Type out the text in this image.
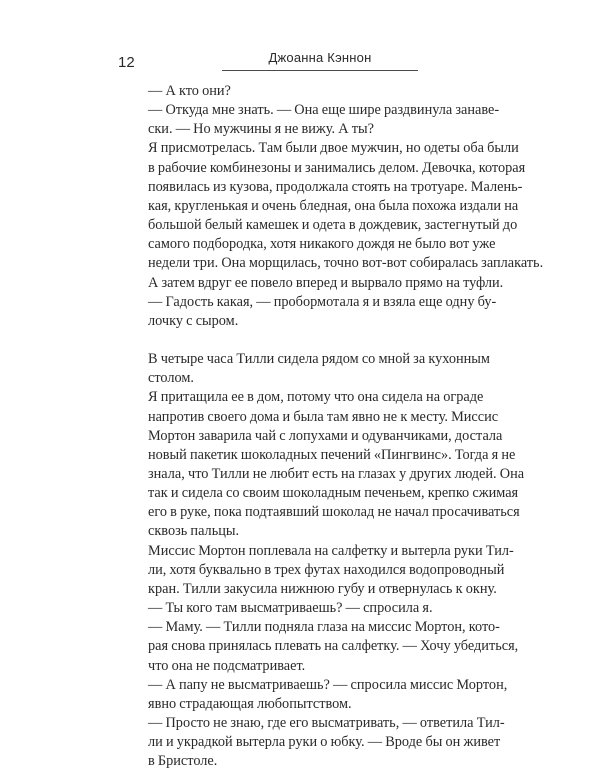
12	Джоанна Кэннон

— А кто они?

— Откуда мне знать. — Она еще шире раздвинула занаве-
ски. — Но мужчины я не вижу. А ты?

Я присмотрелась. Там были двое мужчин, но одеты оба были
в рабочие комбинезоны и занимались делом. Девочка, которая
появилась из кузова, продолжала стоять на тротуаре. Малень-
кая, кругленькая и очень бледная, она была похожа издали на
большой белый камешек и одета в дождевик, застегнутый до
самого подбородка, хотя никакого дождя не было вот уже
недели три. Она морщилась, точно вот-вот собиралась заплакать.
А затем вдруг ее повело вперед и вырвало прямо на туфли.

— Гадость какая, — пробормотала я и взяла еще одну бу-
лочку с сыром.

В четыре часа Тилли сидела рядом со мной за кухонным
столом.

Я притащила ее в дом, потому что она сидела на ограде
напротив своего дома и была там явно не к месту. Миссис
Мортон заварила чай с лопухами и одуванчиками, достала
новый пакетик шоколадных печений «Пингвинс». Тогда я не
знала, что Тилли не любит есть на глазах у других людей. Она
так и сидела со своим шоколадным печеньем, крепко сжимая
его в руке, пока подтаявший шоколад не начал просачиваться
сквозь пальцы.

Миссис Мортон поплевала на салфетку и вытерла руки Тил-
ли, хотя буквально в трех футах находился водопроводный
кран. Тилли закусила нижнюю губу и отвернулась к окну.

— Ты кого там высматриваешь? — спросила я.

— Маму. — Тилли подняла глаза на миссис Мортон, кото-
рая снова принялась плевать на салфетку. — Хочу убедиться,
что она не подсматривает.

— А папу не высматриваешь? — спросила миссис Мортон,
явно страдающая любопытством.

— Просто не знаю, где его высматривать, — ответила Тил-
ли и украдкой вытерла руки о юбку. — Вроде бы он живет
в Бристоле.
